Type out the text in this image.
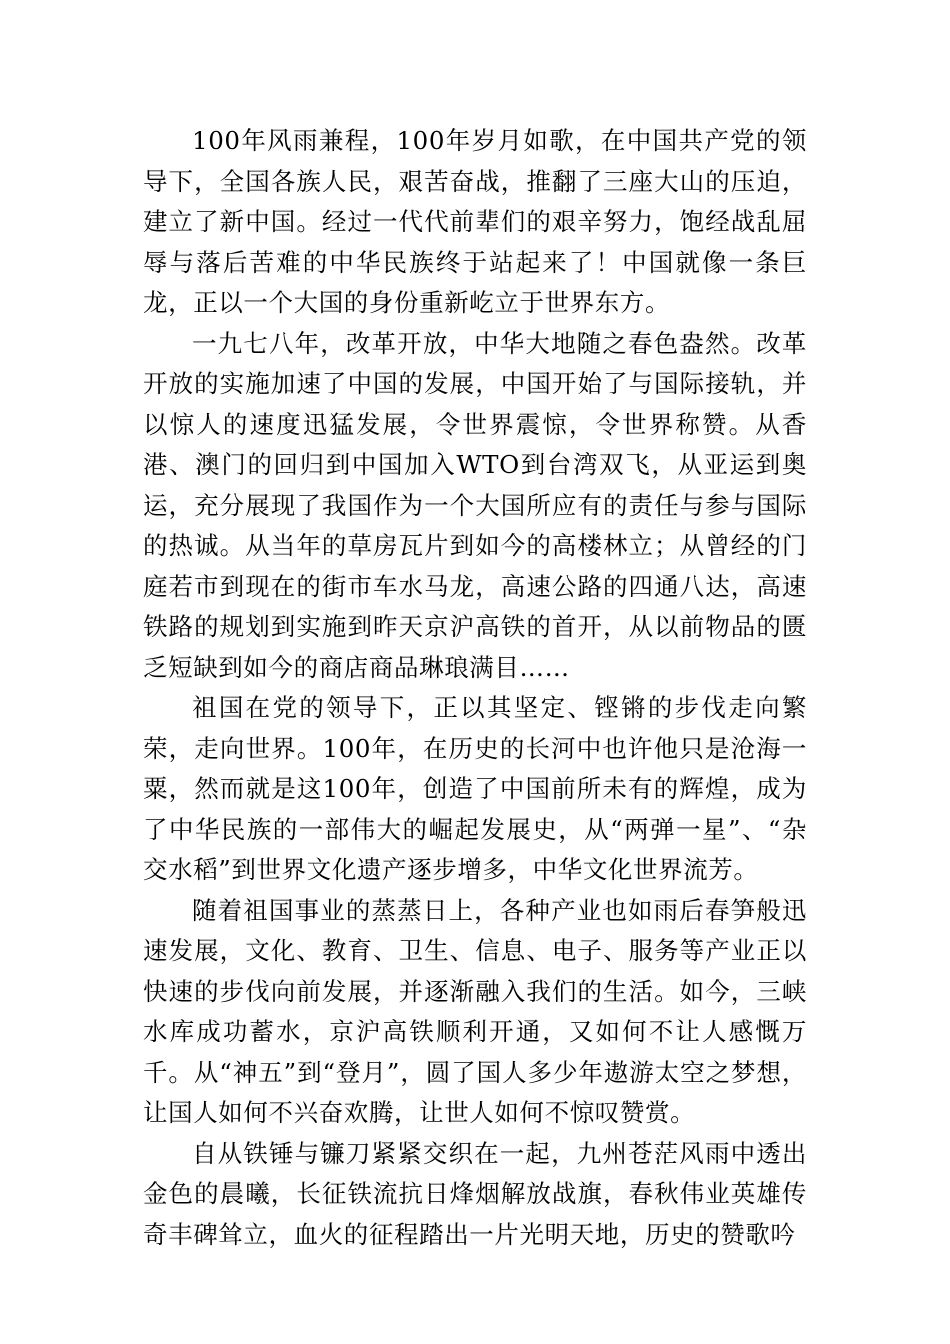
100年风雨兼程，100年岁月如歌，在中国共产党的领导下，全国各族人民，艰苦奋战，推翻了三座大山的压迫，建立了新中国。经过一代代前辈们的艰辛努力，饱经战乱屈辱与落后苦难的中华民族终于站起来了！中国就像一条巨龙，正以一个大国的身份重新屹立于世界东方。

一九七八年，改革开放，中华大地随之春色盎然。改革开放的实施加速了中国的发展，中国开始了与国际接轨，并以惊人的速度迅猛发展，令世界震惊，令世界称赞。从香港、澳门的回归到中国加入WTO到台湾双飞，从亚运到奥运，充分展现了我国作为一个大国所应有的责任与参与国际的热诚。从当年的草房瓦片到如今的高楼林立；从曾经的门庭若市到现在的街市车水马龙，高速公路的四通八达，高速铁路的规划到实施到昨天京沪高铁的首开，从以前物品的匮乏短缺到如今的商店商品琳琅满目……

祖国在党的领导下，正以其坚定、铿锵的步伐走向繁荣，走向世界。100年，在历史的长河中也许他只是沧海一粟，然而就是这100年，创造了中国前所未有的辉煌，成为了中华民族的一部伟大的崛起发展史，从“两弹一星”、“杂交水稻”到世界文化遗产逐步增多，中华文化世界流芳。

随着祖国事业的蒸蒸日上，各种产业也如雨后春笋般迅速发展，文化、教育、卫生、信息、电子、服务等产业正以快速的步伐向前发展，并逐渐融入我们的生活。如今，三峡水库成功蓄水，京沪高铁顺利开通，又如何不让人感慨万千。从“神五”到“登月”，圆了国人多少年遨游太空之梦想，让国人如何不兴奋欢腾，让世人如何不惊叹赞赏。

自从铁锤与镰刀紧紧交织在一起，九州苍茫风雨中透出金色的晨曦，长征铁流抗日烽烟解放战旗，春秋伟业英雄传奇丰碑耸立，血火的征程踏出一片光明天地，历史的赞歌吟
